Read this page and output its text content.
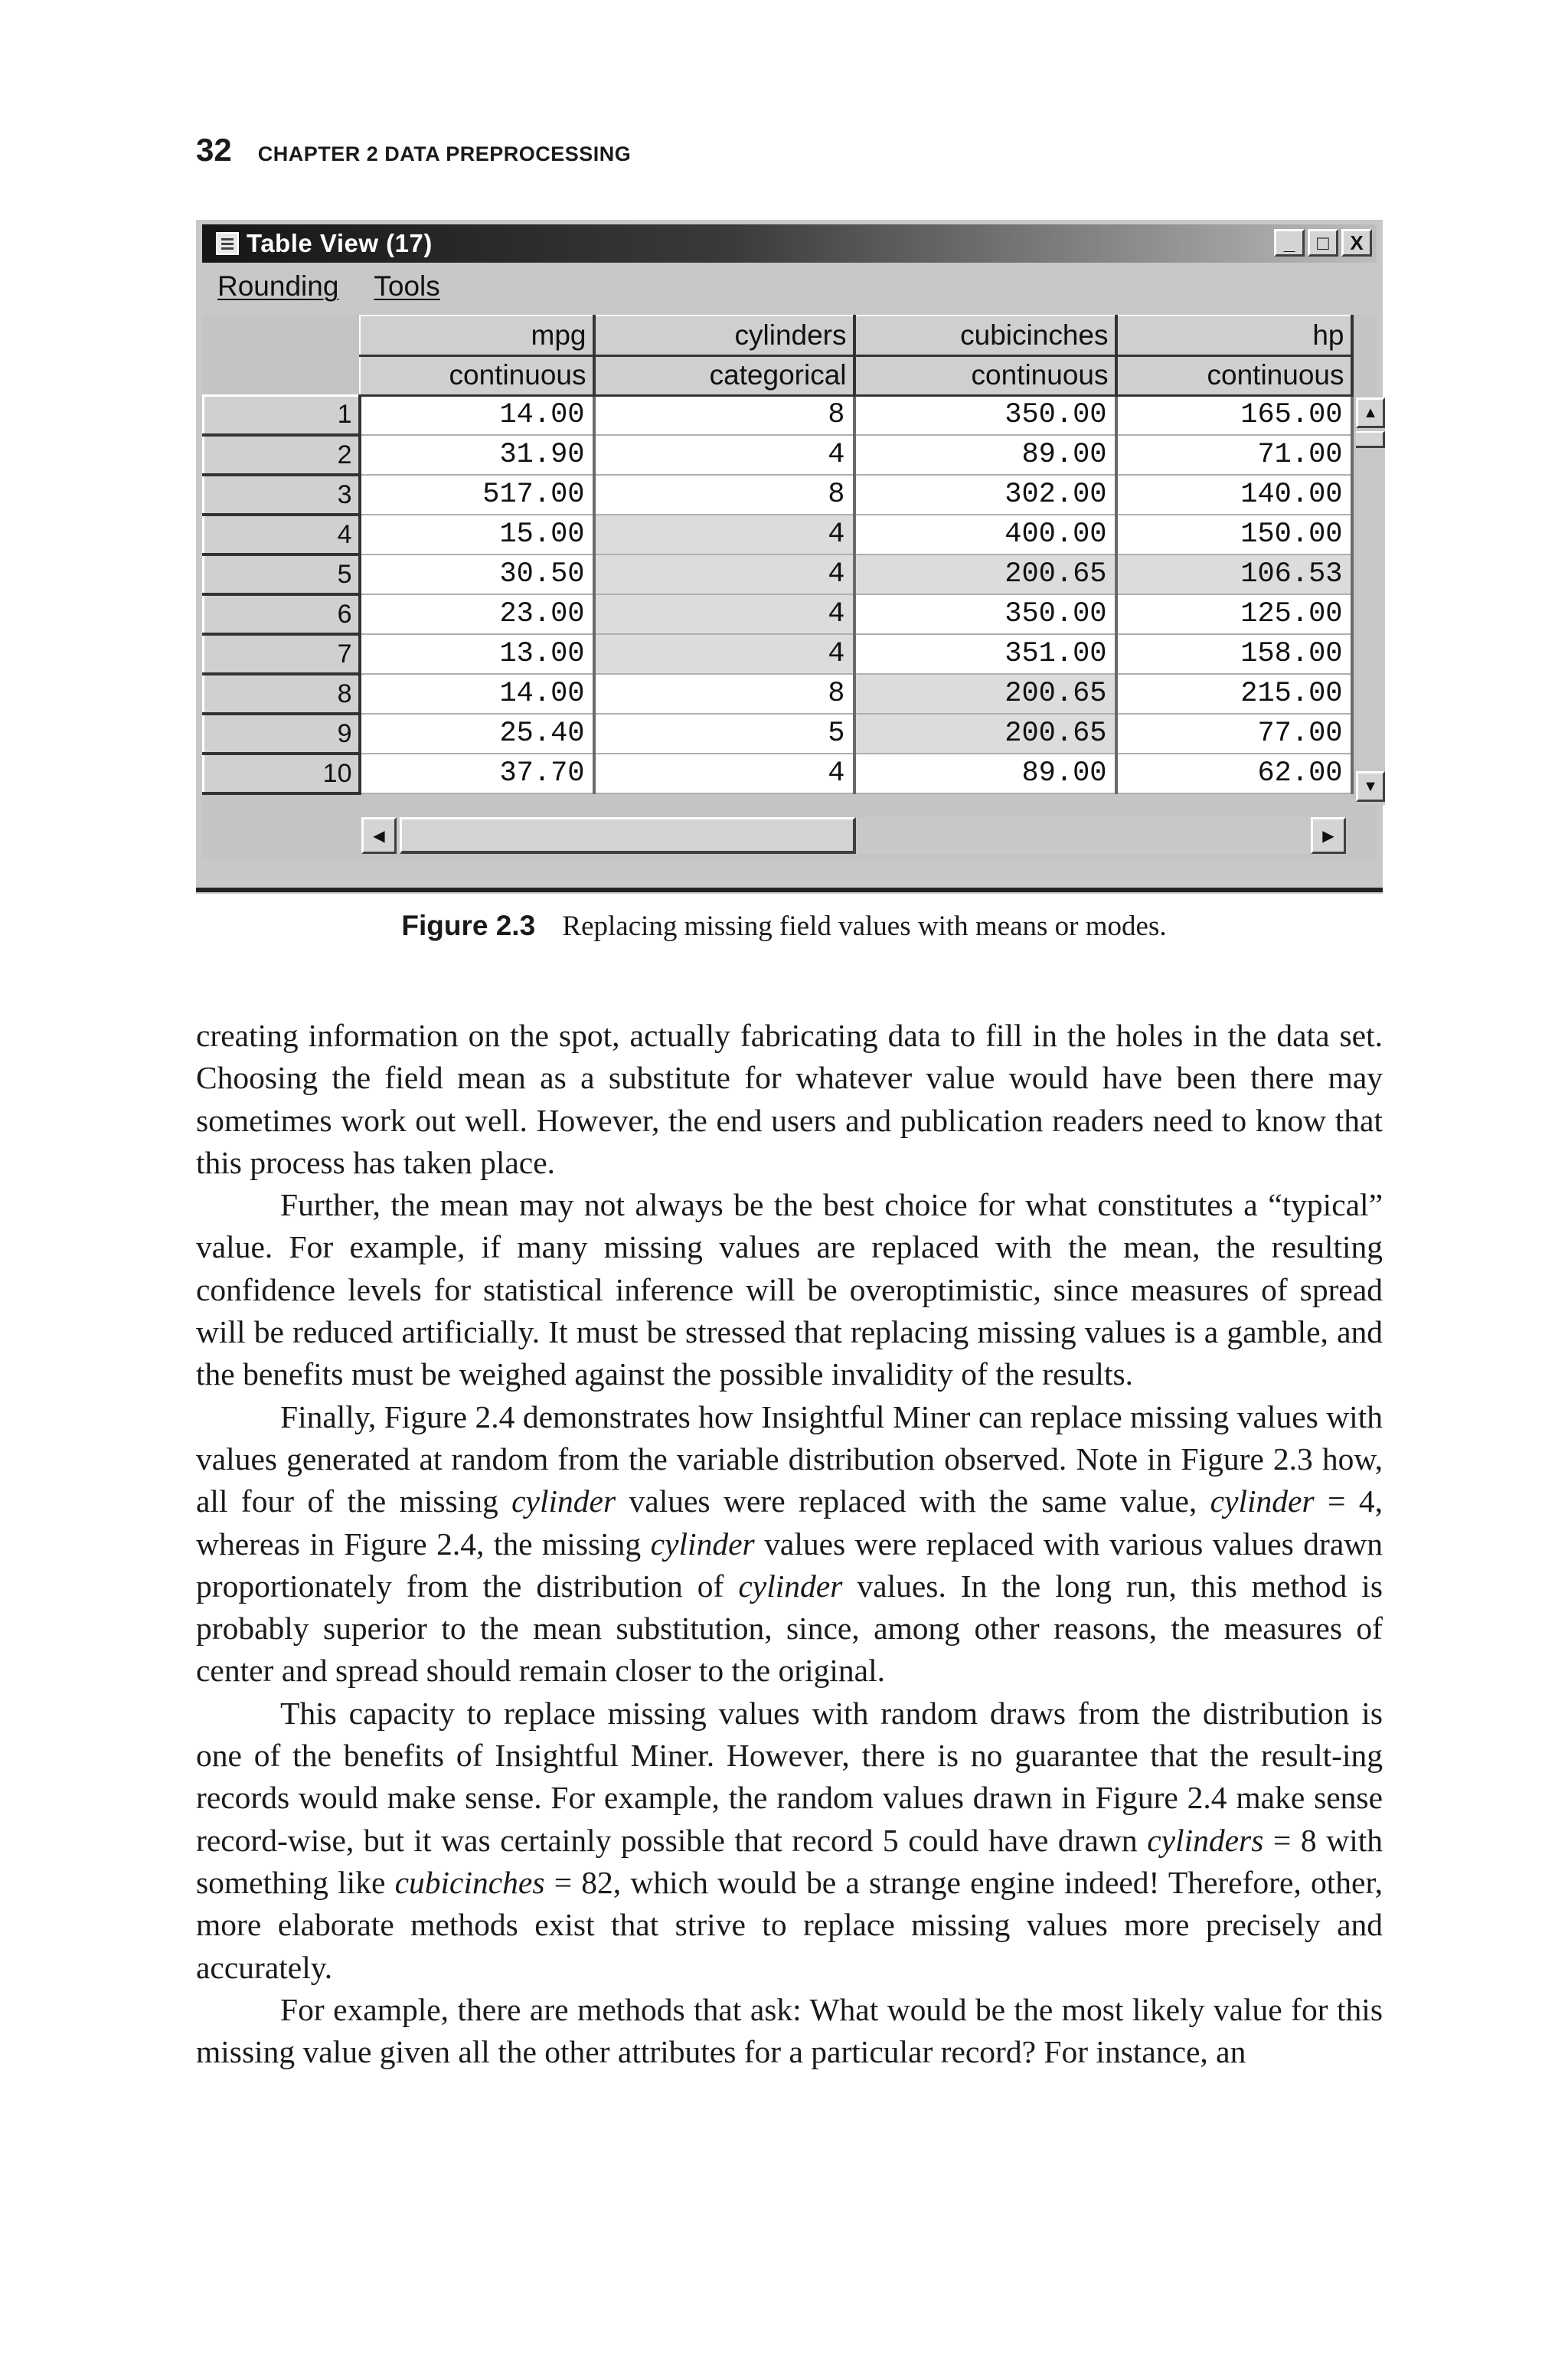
32 CHAPTER 2 DATA PREPROCESSING
Table View (17)	_	□	X
Rounding Tools
	mpg	cylinders	cubicinches	hp
	continuous	categorical	continuous	continuous
1	14.00	8	350.00	165.00
2	31.90	4	89.00	71.00
3	517.00	8	302.00	140.00
4	15.00	4	400.00	150.00
5	30.50	4	200.65	106.53
6	23.00	4	350.00	125.00
7	13.00	4	351.00	158.00
8	14.00	8	200.65	215.00
9	25.40	5	200.65	77.00
10	37.70	4	89.00	62.00
▲
▼
◀	▶
Figure 2.3 Replacing missing field values with means or modes.

creating information on the spot, actually fabricating data to fill in the holes in the data set. Choosing the field mean as a substitute for whatever value would have been there may sometimes work out well. However, the end users and publication readers need to know that this process has taken place.

Further, the mean may not always be the best choice for what constitutes a “typical” value. For example, if many missing values are replaced with the mean, the resulting confidence levels for statistical inference will be overoptimistic, since measures of spread will be reduced artificially. It must be stressed that replacing missing values is a gamble, and the benefits must be weighed against the possible invalidity of the results.

Finally, Figure 2.4 demonstrates how Insightful Miner can replace missing values with values generated at random from the variable distribution observed. Note in Figure 2.3 how, all four of the missing cylinder values were replaced with the same value, cylinder = 4, whereas in Figure 2.4, the missing cylinder values were replaced with various values drawn proportionately from the distribution of cylinder values. In the long run, this method is probably superior to the mean substitution, since, among other reasons, the measures of center and spread should remain closer to the original.

This capacity to replace missing values with random draws from the distribution is one of the benefits of Insightful Miner. However, there is no guarantee that the result-ing records would make sense. For example, the random values drawn in Figure 2.4 make sense record-wise, but it was certainly possible that record 5 could have drawn cylinders = 8 with something like cubicinches = 82, which would be a strange engine indeed! Therefore, other, more elaborate methods exist that strive to replace missing values more precisely and accurately.

For example, there are methods that ask: What would be the most likely value for this missing value given all the other attributes for a particular record? For instance, an
